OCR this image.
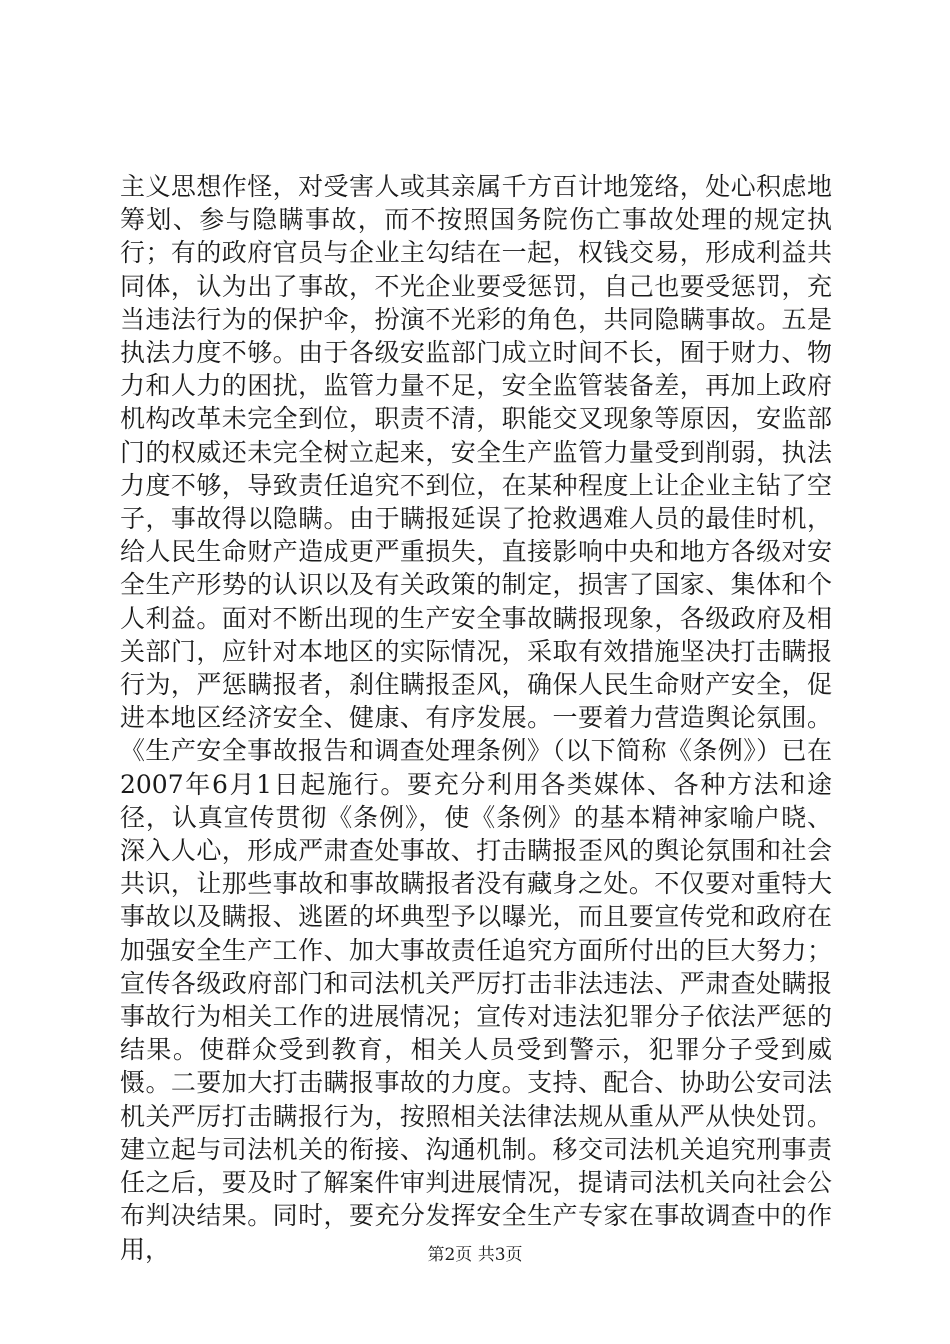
主义思想作怪，对受害人或其亲属千方百计地笼络，处心积虑地筹划、参与隐瞒事故，而不按照国务院伤亡事故处理的规定执行；有的政府官员与企业主勾结在一起，权钱交易，形成利益共同体，认为出了事故，不光企业要受惩罚，自己也要受惩罚，充当违法行为的保护伞，扮演不光彩的角色，共同隐瞒事故。五是执法力度不够。由于各级安监部门成立时间不长，囿于财力、物力和人力的困扰，监管力量不足，安全监管装备差，再加上政府机构改革未完全到位，职责不清，职能交叉现象等原因，安监部门的权威还未完全树立起来，安全生产监管力量受到削弱，执法力度不够，导致责任追究不到位，在某种程度上让企业主钻了空子，事故得以隐瞒。由于瞒报延误了抢救遇难人员的最佳时机，给人民生命财产造成更严重损失，直接影响中央和地方各级对安全生产形势的认识以及有关政策的制定，损害了国家、集体和个人利益。面对不断出现的生产安全事故瞒报现象，各级政府及相关部门，应针对本地区的实际情况，采取有效措施坚决打击瞒报行为，严惩瞒报者，刹住瞒报歪风，确保人民生命财产安全，促进本地区经济安全、健康、有序发展。一要着力营造舆论氛围。《生产安全事故报告和调查处理条例》（以下简称《条例》）已在2007年6月1日起施行。要充分利用各类媒体、各种方法和途径，认真宣传贯彻《条例》，使《条例》的基本精神家喻户晓、深入人心，形成严肃查处事故、打击瞒报歪风的舆论氛围和社会共识，让那些事故和事故瞒报者没有藏身之处。不仅要对重特大事故以及瞒报、逃匿的坏典型予以曝光，而且要宣传党和政府在加强安全生产工作、加大事故责任追究方面所付出的巨大努力；宣传各级政府部门和司法机关严厉打击非法违法、严肃查处瞒报事故行为相关工作的进展情况；宣传对违法犯罪分子依法严惩的结果。使群众受到教育，相关人员受到警示，犯罪分子受到威慑。二要加大打击瞒报事故的力度。支持、配合、协助公安司法机关严厉打击瞒报行为，按照相关法律法规从重从严从快处罚。建立起与司法机关的衔接、沟通机制。移交司法机关追究刑事责任之后，要及时了解案件审判进展情况，提请司法机关向社会公布判决结果。同时，要充分发挥安全生产专家在事故调查中的作用，	第2页 共3页
